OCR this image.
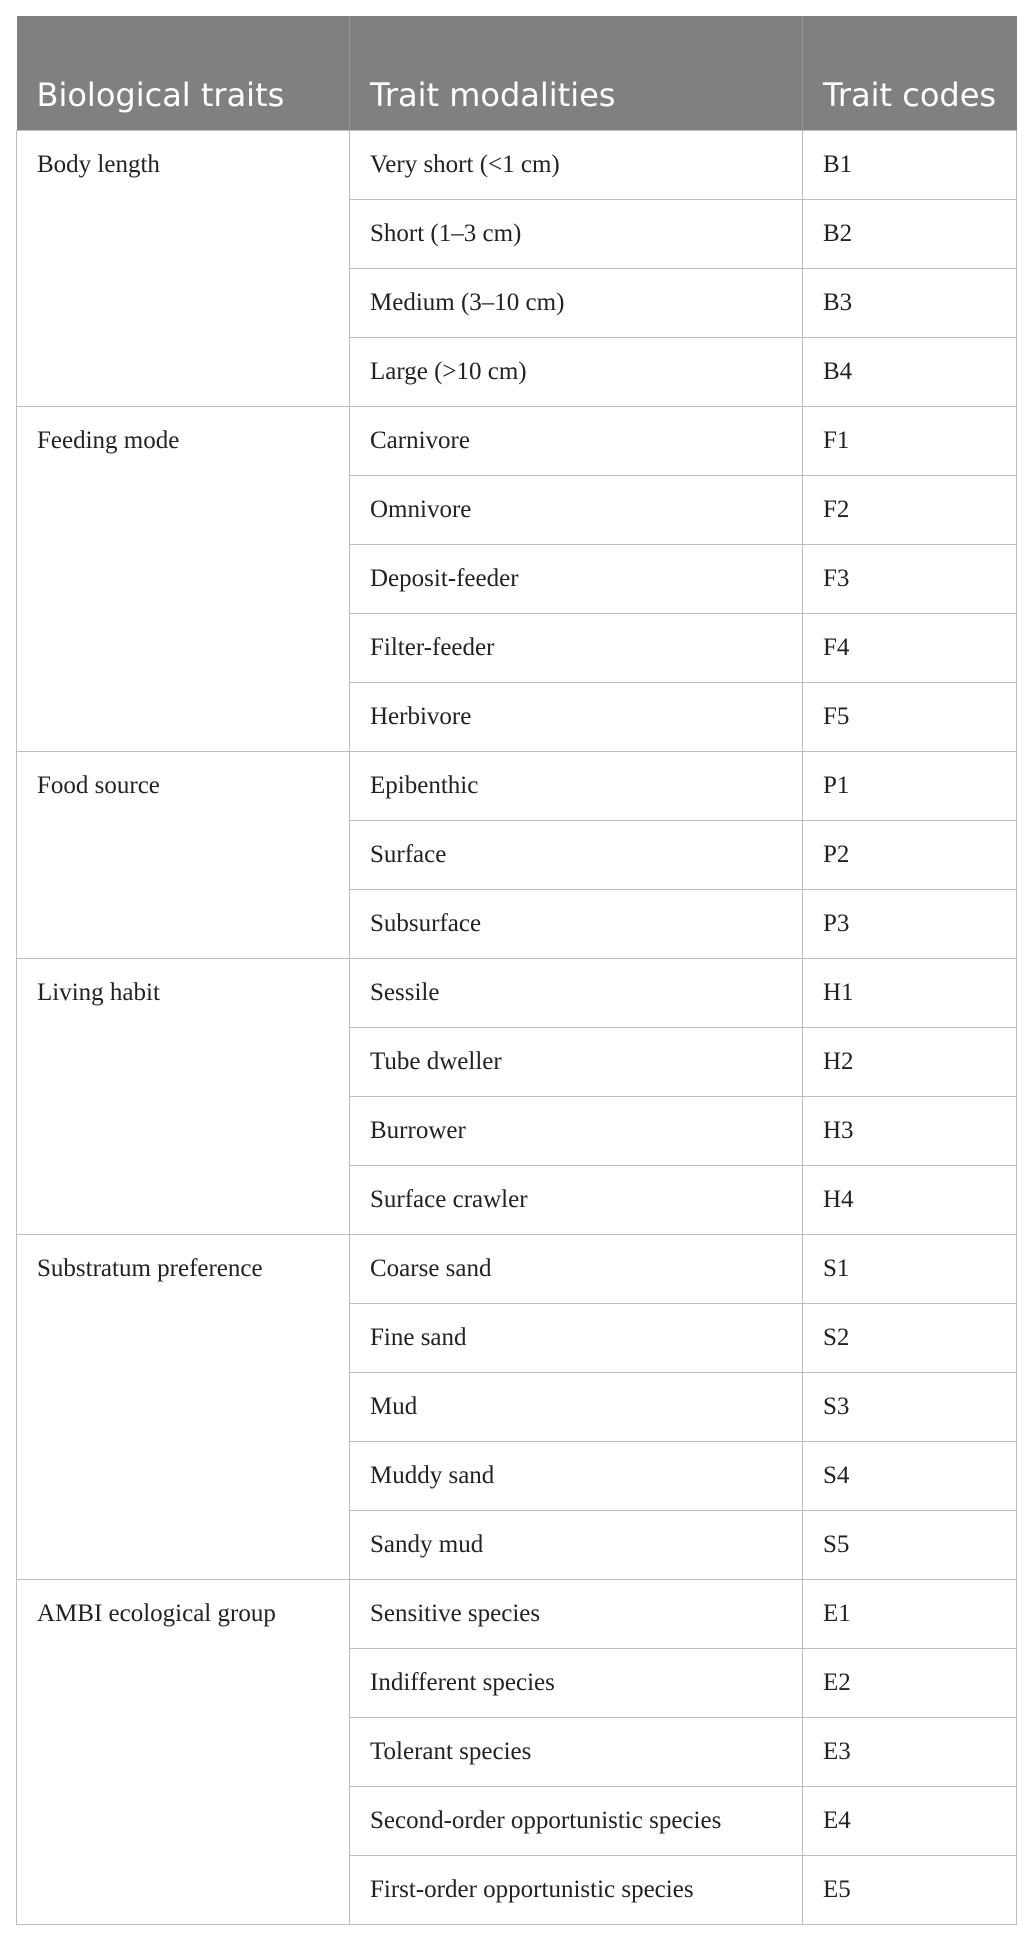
Biological traits	Trait modalities	Trait codes
Body length	Very short (<1 cm)	B1
	Short (1–3 cm)	B2
	Medium (3–10 cm)	B3
	Large (>10 cm)	B4
Feeding mode	Carnivore	F1
	Omnivore	F2
	Deposit-feeder	F3
	Filter-feeder	F4
	Herbivore	F5
Food source	Epibenthic	P1
	Surface	P2
	Subsurface	P3
Living habit	Sessile	H1
	Tube dweller	H2
	Burrower	H3
	Surface crawler	H4
Substratum preference	Coarse sand	S1
	Fine sand	S2
	Mud	S3
	Muddy sand	S4
	Sandy mud	S5
AMBI ecological group	Sensitive species	E1
	Indifferent species	E2
	Tolerant species	E3
	Second-order opportunistic species	E4
	First-order opportunistic species	E5
